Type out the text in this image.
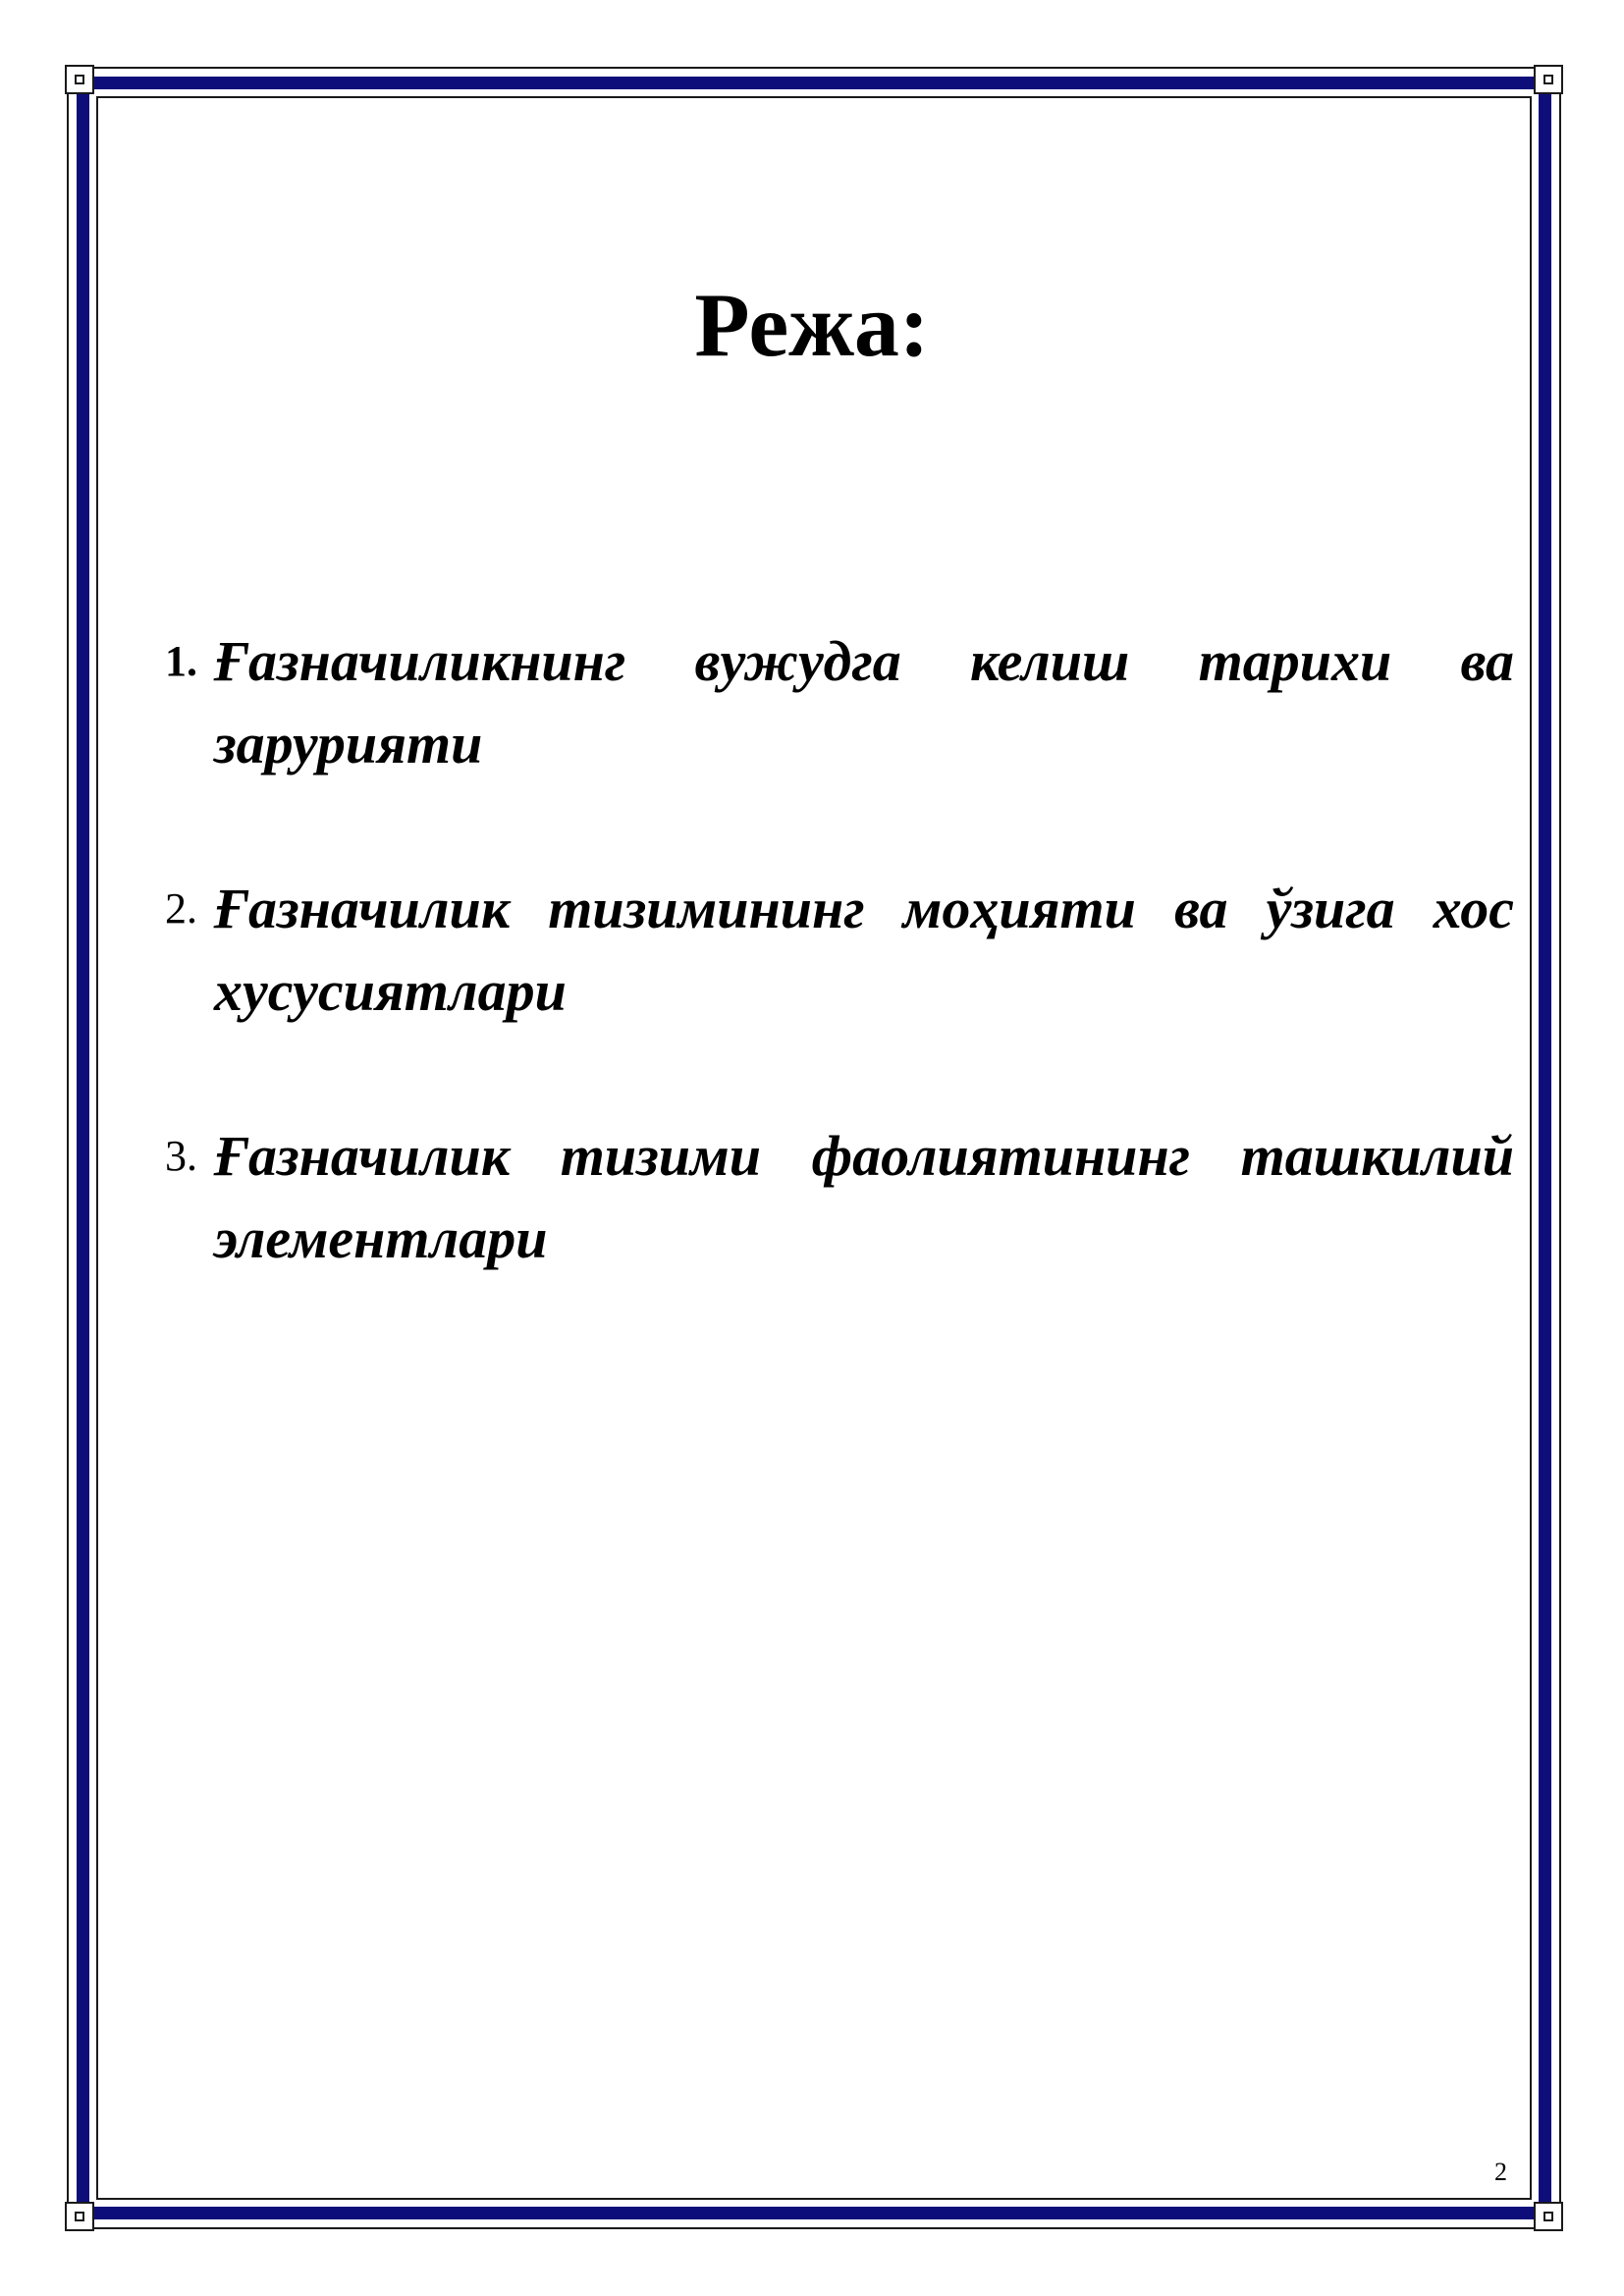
Режа:
1. Ғазначиликнинг вужудга келиш тарихи ва зарурияти
2. Ғазначилик тизимининг моҳияти ва ўзига хос хусусиятлари
3. Ғазначилик тизими фаолиятининг ташкилий элементлари
2
